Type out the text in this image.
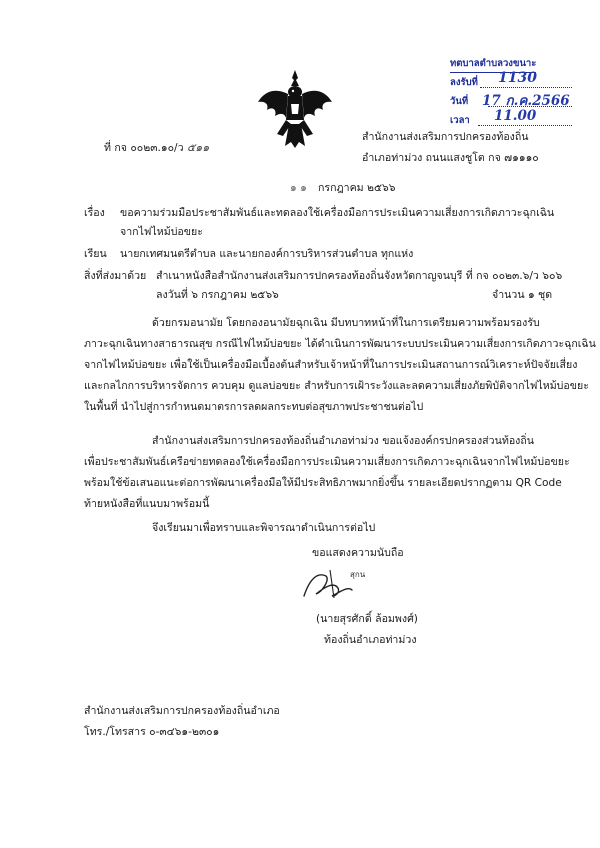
ทตบาลตำบลวงขนาะ
ลงรับที่ 1130
วันที่ 17 ก.ค.2566
เวลา 11.00
ที่ กจ ๐๐๒๓.๑๐/ว ๕๑๑
สำนักงานส่งเสริมการปกครองท้องถิ่น
อำเภอท่าม่วง ถนนแสงชูโต กจ ๗๑๑๑๐
๑ ๑ กรกฎาคม ๒๕๖๖
เรื่อง ขอความร่วมมือประชาสัมพันธ์และทดลองใช้เครื่องมือการประเมินความเสี่ยงการเกิดภาวะฉุกเฉิน
จากไฟไหม้บ่อขยะ
เรียน นายกเทศมนตรีตำบล และนายกองค์การบริหารส่วนตำบล ทุกแห่ง
สิ่งที่ส่งมาด้วย สำเนาหนังสือสำนักงานส่งเสริมการปกครองท้องถิ่นจังหวัดกาญจนบุรี ที่ กจ ๐๐๒๓.๖/ว ๖๐๖
ลงวันที่ ๖ กรกฎาคม ๒๕๖๖	จำนวน ๑ ชุด
ด้วยกรมอนามัย โดยกองอนามัยฉุกเฉิน มีบทบาทหน้าที่ในการเตรียมความพร้อมรองรับ
ภาวะฉุกเฉินทางสาธารณสุข กรณีไฟไหม้บ่อขยะ ได้ดำเนินการพัฒนาระบบประเมินความเสี่ยงการเกิดภาวะฉุกเฉิน
จากไฟไหม้บ่อขยะ เพื่อใช้เป็นเครื่องมือเบื้องต้นสำหรับเจ้าหน้าที่ในการประเมินสถานการณ์วิเคราะห์ปัจจัยเสี่ยง
และกลไกการบริหารจัดการ ควบคุม ดูแลบ่อขยะ สำหรับการเฝ้าระวังและลดความเสี่ยงภัยพิบัติจากไฟไหม้บ่อขยะ
ในพื้นที่ นำไปสู่การกำหนดมาตรการลดผลกระทบต่อสุขภาพประชาชนต่อไป
สำนักงานส่งเสริมการปกครองท้องถิ่นอำเภอท่าม่วง ขอแจ้งองค์กรปกครองส่วนท้องถิ่น
เพื่อประชาสัมพันธ์เครือข่ายทดลองใช้เครื่องมือการประเมินความเสี่ยงการเกิดภาวะฉุกเฉินจากไฟไหม้บ่อขยะ
พร้อมใช้ข้อเสนอแนะต่อการพัฒนาเครื่องมือให้มีประสิทธิภาพมากยิ่งขึ้น รายละเอียดปรากฏตาม QR Code
ท้ายหนังสือที่แนบมาพร้อมนี้
จึงเรียนมาเพื่อทราบและพิจารณาดำเนินการต่อไป
ขอแสดงความนับถือ
สุกน
(นายสุรศักดิ์ ล้อมพงศ์)
ท้องถิ่นอำเภอท่าม่วง
สำนักงานส่งเสริมการปกครองท้องถิ่นอำเภอ
โทร./โทรสาร ๐-๓๔๖๑-๒๓๐๑
